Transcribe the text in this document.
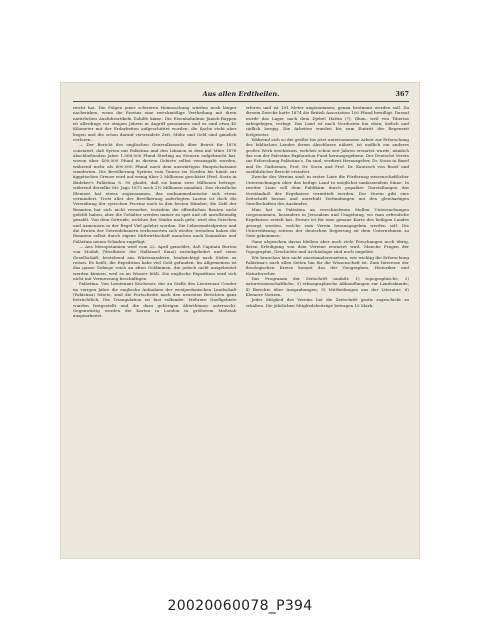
Aus allen Erdtheilen.	367

reicht hat. Die Folgen jener schweren Heimsuchung würden noch länger nachwirken, wenn die Provinz eine zweckmäßige Vertheilung mit ihren natürlichen Ausfuhrartikeln Zuhilfe käme. Die Eisenbahnlinie Jänich-Raypen ist allerdings vor einigen Jahren in Angriff genommen und es sind etwa 40 Kilometer mit der Erdarbeiten aufgeschüttet worden; die Sache steht aber liegen und die schon darauf verwendete Zeit, Mühe und Geld sind gänzlich verloren.

— Der Bericht des englischen Generalkonsuls über Beirut für 1876 constatirt, daß Syrien mit Palästina und den Libanon in dem mit März 1876 abschließenden Jahre 1,068,000 Pfund Sterling an Steuern aufgebracht hat, wovon über 400,000 Pfund in diesem Gebiete selbst verausgabt wurden, während mehr als 600,000 Pfund nach dem auswärtigen Hauptschatzamt wanderten. Die Bevölkerung Syriens vom Taurus im Norden bis hinab zur ägyptischen Grenze wird auf wenig über 2 Millionen geschätzt (Prof. Socin in Bädeker's Palästina S. 90 glaubt, daß sie kaum zwei Millionen betrage, während derselbe Mr. Jago 1875 noch 2½ Millionen annahm). Das christliche Element hat etwas zugenommen, das muhammedanische sich etwas vermindert. Trotz aller der Bevölkerung auferlegten Lasten ist doch die Verwaltung der syrischen Provinz noch in den besten Händen; die Zahl der Beamten hat sich nicht vermehrt, trotzdem die öffentlichen Bauten nicht gefehlt haben, aber die Gehälter werden immer zu spät und oft unvollständig gezahlt. Von dem Getreide, welches der Stärke nach geht, wird den Griechen und Armeniern in der Regel Viel gelehrt worden. Die Lebensmittelpreise und die Ernten der Getreidebauern verbesserten sich wieder, trotzdem haben die Beamten selbst durch eigene Mißwirthschaft manchen nach Damaskus und Palästina neuen Schaden zugefügt.

— Aus Mesopotamien wird vom 22. April gemeldet, daß Capitain Burton von Moilah (Westküste der Halbinsel Sinai) zurückgekehrt und seine Gesellschaft, bestehend aus Wüstenarabern, beabsichtigt nach Süden zu reisen. Es heißt, die Expedition habe viel Gold gefunden. Im Allgemeinen ist das ganze Gebirge reich an alten Goldminen, die jedoch nicht ausgebeutet werden können, weil es an Wasser fehlt. Die englische Expedition wird sich nicht mit Vermessung beschäftigen.

Palästina. Von Lieutenant Kitchener, der an Stelle des Lieutenant Conder im vorigen Jahre die englische Aufnahme der westjordanischen Landschaft (Palästina) leitete, sind die Fortschritte nach den neuesten Berichten ganz beträchtlich. Die Triangulation ist fast vollendet. Mehrere Quellgebiete wurden festgestellt und die dazu gehörigen Alterthümer untersucht. Gegenwärtig werden die Karten in London in größerem Maßstab ausgearbeitet.

erforen und ist 191 Meter angenommen; genau bestimmt werden soll. Zu diesem Zwecke hatte 1874 die British Association 100 Pfund bewilligt. Darauf wurde das Lager nach dem Djebel Hattin (?), Illum, weil von Tiberias nahegelegen, verlegt. Das Land ist nach Nordosten hin eben, östlich und südlich bergig. Die Arbeiten wurden bis zum Eintritt der Regenzeit fortgesetzt.

Während sich so die größte bis jetzt unternommene Arbeit zur Erforschung des biblischen Landes ihrem Abschlusse nähert, ist endlich ein anderes großes Werk erschienen, welches schon seit Jahren erwartet wurde, nämlich das von der Palestine Exploration Fund herausgegebene, Der Deutsche Verein zur Erforschung Palästina's. Da sind, verdient Herausgeber, Dr. Socin in Basel und Dr. Gutheinen, Prof. Dr. Socin und Prof. Dr. Kautzsch von Basel und ausführlicher Bericht erstattet.

Zwecke des Vereins sind: in erster Linie die Förderung wissenschaftlicher Untersuchungen über das heilige Land in möglichst umfassendem Sinne. In zweiter Linie soll dem Publikum durch populäre Darstellungen das Verständniß der Ergebnisse vermittelt werden. Der Verein gibt eine Zeitschrift heraus und unterhält Verbindungen mit den gleichartigen Gesellschaften des Auslandes.

Man hat in Palästina an verschiedenen Stellen Untersuchungen vorgenommen, besonders in Jerusalem und Umgebung, wo man erfreuliche Ergebnisse erzielt hat. Ferner ist für eine genaue Karte des heiligen Landes gesorgt worden, welche vom Verein herausgegeben werden soll. Die Unterstützung seitens der deutschen Regierung ist dem Unternehmen zu Gute gekommen.

Ganz abgesehen davon bleiben aber auch viele Forschungen noch übrig, deren Erledigung von dem Vereine erwartet wird. Manche Fragen der Topographie, Geschichte und Archäologie sind noch ungelöst.

Wir brauchen hier nicht auseinanderzusetzen, wie wichtig die Erforschung Palästina's nach allen Seiten hin für die Wissenschaft ist. Zum Interesse der theologischen Kreise kommt das der Geographen, Historiker und Naturforscher.

Das Programm der Zeitschrift umfaßt: 1) topographische, 2) naturwissenschaftliche, 3) ethnographische Abhandlungen zur Landeskunde; 4) Berichte über Ausgrabungen; 5) Mittheilungen aus der Literatur; 6) Kleinere Notizen.

Jeder Mitglied des Vereins hat die Zeitschrift gratis zugeschickt zu erhalten. Die jährlichen Mitgliedsbeiträge betragen 10 Mark.

20020060078_P394
